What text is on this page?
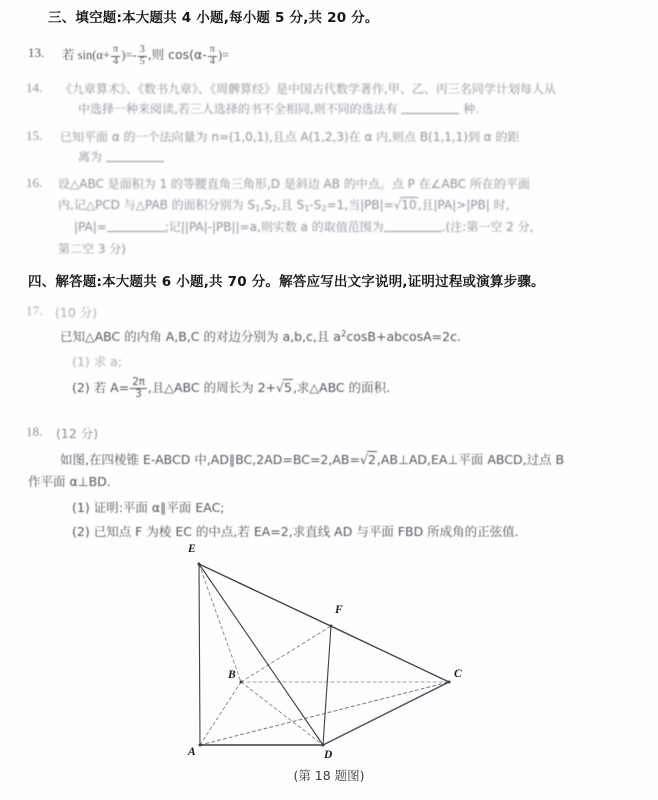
三、填空题:本大题共 4 小题,每小题 5 分,共 20 分。
13. 若 $\sin(\alpha+ \frac{\pi}{4}$ )=- $\frac{3}{5}$ ,则 $\cos(\alpha- \frac{\pi}{4}$ )=
14. 《九章算术》、《数书九章》、《周髀算经》是中国古代数学著作,甲、乙、丙三名同学计划每人从
中选择一种来阅读,若三人选择的书不全相同,则不同的选法有	种.
15. 已知平面 α 的一个法向量为 n=(1,0,1),且点 A(1,2,3)在 α 内,则点 B(1,1,1)到 α 的距
离为
16. 设△ABC 是面积为 1 的等腰直角三角形,D 是斜边 AB 的中点。点 P 在∠ABC 所在的平面
内,记△PCD 与△PAB 的面积分别为 $S_1,S_2$,且 $S_1-S_2=1$,当|PB|=√10,且|PA|>|PB| 时,
|PA|=	;记||PA|-|PB||=a,则实数 a 的取值范围为	.(注:第一空 2 分,
第二空 3 分)
四、解答题:本大题共 6 小题,共 70 分。解答应写出文字说明,证明过程或演算步骤。
17. (10 分)
已知△ABC 的内角 A,B,C 的对边分别为 a,b,c,且 $a^2\cos B+abcosA=2c$.
(1) 求 a;
(2) 若 $A= \frac{2\pi}{3}$ ,且△ABC 的周长为 2+√5,求△ABC 的面积.
18. (12 分)
如图,在四棱锥 E-ABCD 中,AD∥BC,2AD=BC=2,AB=√2,AB⊥AD,EA⊥平面 ABCD,过点 B
作平面 α⊥BD.
(1) 证明:平面 α∥平面 EAC;
(2) 已知点 F 为棱 EC 的中点,若 EA=2,求直线 AD 与平面 FBD 所成角的正弦值.
E
F
B	C
A	D
(第 18 题图)
